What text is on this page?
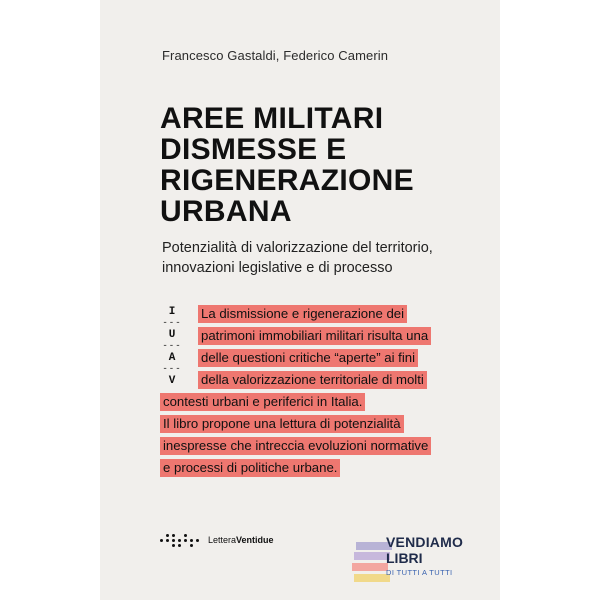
Francesco Gastaldi, Federico Camerin
AREE MILITARI
DISMESSE E
RIGENERAZIONE
URBANA
Potenzialità di valorizzazione del territorio,
innovazioni legislative e di processo
I
---
U
---
A
---
V
La dismissione e rigenerazione dei
patrimoni immobiliari militari risulta una
delle questioni critiche “aperte” ai fini
della valorizzazione territoriale di molti
contesti urbani e periferici in Italia.
Il libro propone una lettura di potenzialità
inespresse che intreccia evoluzioni normative
e processi di politiche urbane.
LetteraVentidue	VENDIAMO
LIBRI
DI TUTTI A TUTTI
